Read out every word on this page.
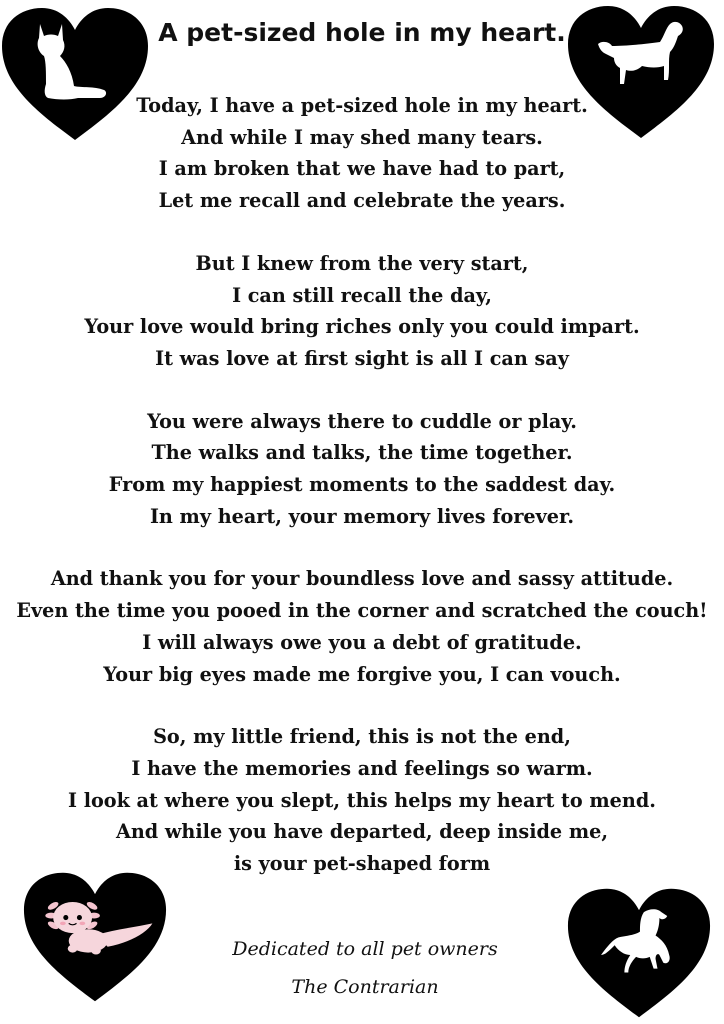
A pet-sized hole in my heart.
Today, I have a pet-sized hole in my heart.
And while I may shed many tears.
I am broken that we have had to part,
Let me recall and celebrate the years.
But I knew from the very start,
I can still recall the day,
Your love would bring riches only you could impart.
It was love at first sight is all I can say
You were always there to cuddle or play.
The walks and talks, the time together.
From my happiest moments to the saddest day.
In my heart, your memory lives forever.
And thank you for your boundless love and sassy attitude.
Even the time you pooed in the corner and scratched the couch!
I will always owe you a debt of gratitude.
Your big eyes made me forgive you, I can vouch.
So, my little friend, this is not the end,
I have the memories and feelings so warm.
I look at where you slept, this helps my heart to mend.
And while you have departed, deep inside me,
is your pet-shaped form
Dedicated to all pet owners
The Contrarian
